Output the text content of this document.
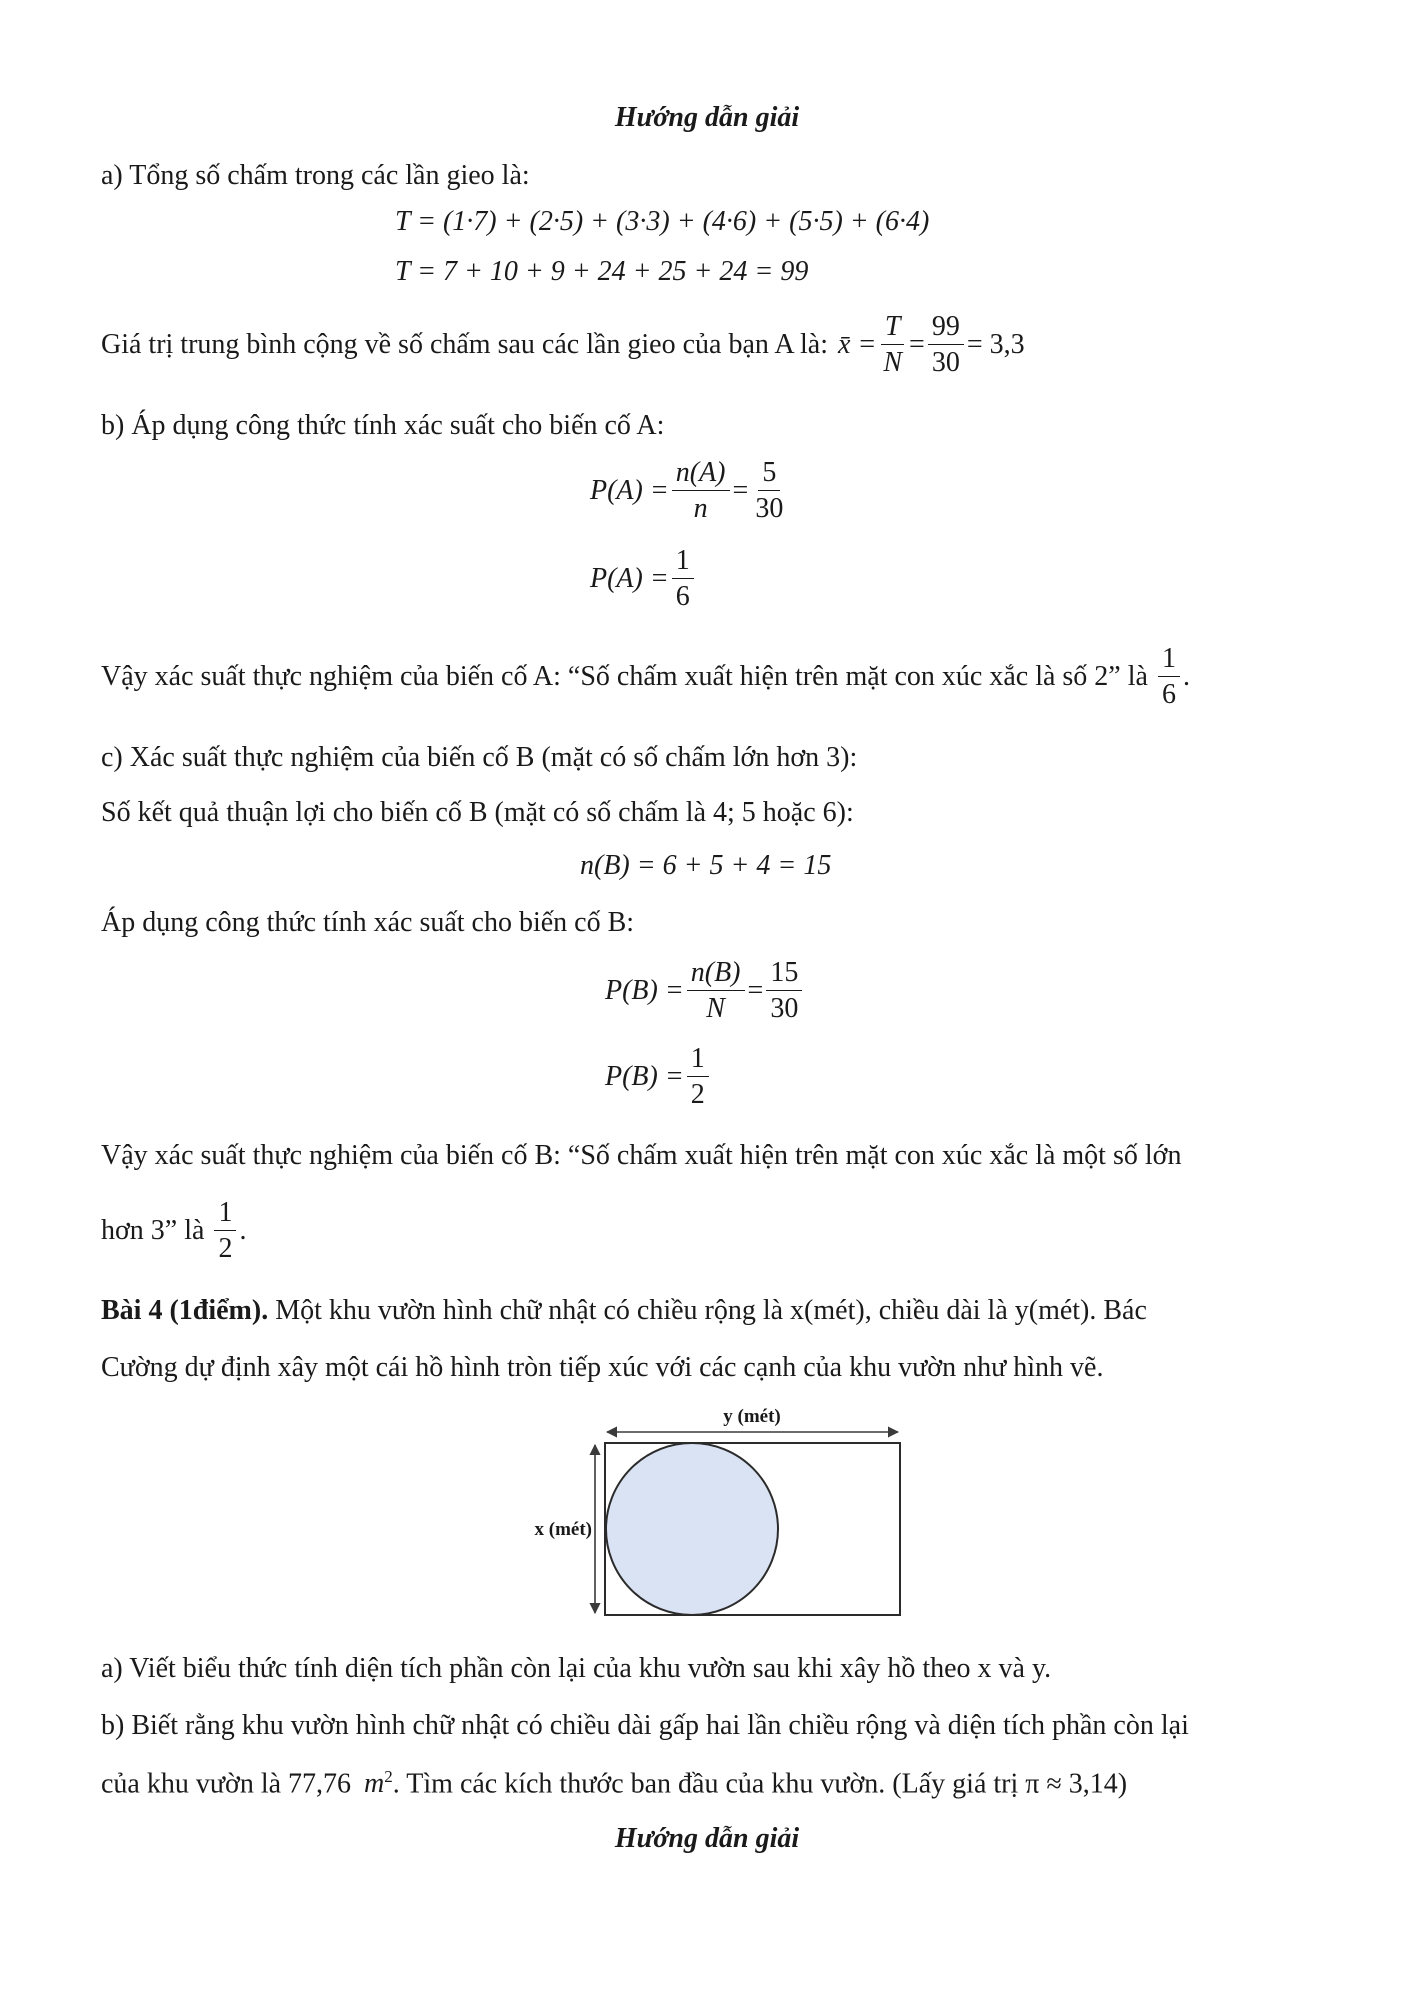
Hướng dẫn giải
a) Tổng số chấm trong các lần gieo là:
T = (1·7) + (2·5) + (3·3) + (4·6) + (5·5) + (6·4)
T = 7 + 10 + 9 + 24 + 25 + 24 = 99
Giá trị trung bình cộng về số chấm sau các lần gieo của bạn A là: x̄ = $\frac{T}{N} = \frac{99}{30} = 3,3$
b) Áp dụng công thức tính xác suất cho biến cố A:
$P(A) = \frac{n(A)}{n} = \frac{5}{30}$
$P(A) = \frac{1}{6}$
Vậy xác suất thực nghiệm của biến cố A: “Số chấm xuất hiện trên mặt con xúc xắc là số 2” là $\frac{1}{6}$ .
c) Xác suất thực nghiệm của biến cố B (mặt có số chấm lớn hơn 3):
Số kết quả thuận lợi cho biến cố B (mặt có số chấm là 4; 5 hoặc 6):
n(B) = 6 + 5 + 4 = 15
Áp dụng công thức tính xác suất cho biến cố B:
$P(B) = \frac{n(B)}{N} = \frac{15}{30}$
$P(B) = \frac{1}{2}$
Vậy xác suất thực nghiệm của biến cố B: “Số chấm xuất hiện trên mặt con xúc xắc là một số lớn
hơn 3” là $\frac{1}{2}$ .
Bài 4 (1điểm). Một khu vườn hình chữ nhật có chiều rộng là x(mét), chiều dài là y(mét). Bác
Cường dự định xây một cái hồ hình tròn tiếp xúc với các cạnh của khu vườn như hình vẽ.
y (mét)
x (mét)
a) Viết biểu thức tính diện tích phần còn lại của khu vườn sau khi xây hồ theo x và y.
b) Biết rằng khu vườn hình chữ nhật có chiều dài gấp hai lần chiều rộng và diện tích phần còn lại
của khu vườn là 77,76 $m^2$. Tìm các kích thước ban đầu của khu vườn. (Lấy giá trị π ≈ 3,14)
Hướng dẫn giải
